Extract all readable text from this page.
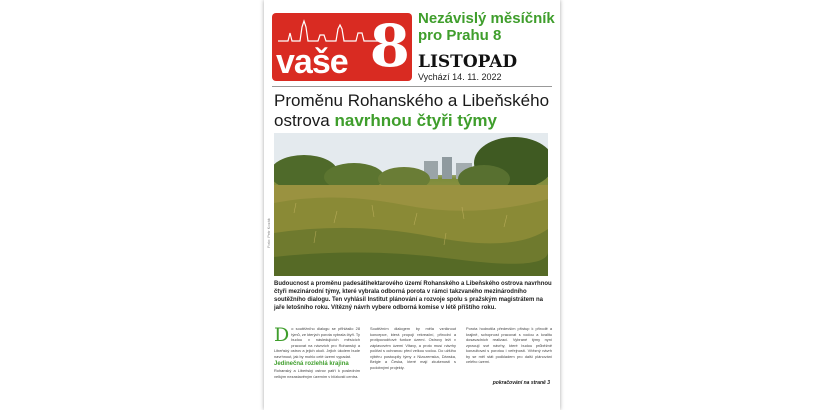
vaše 8 Nezávislý měsíčník
pro Prahu 8
LISTOPAD
Vychází 14. 11. 2022
Proměnu Rohanského a Libeňského ostrova navrhnou čtyři týmy
Foto: Petr Kozák
Budoucnost a proměnu padesátihektarového území Rohanského a Libeňského ostrova navrhnou čtyři mezinárodní týmy, které vybrala odborná porota v rámci takzvaného mezinárodního soutěžního dialogu. Ten vyhlásil Institut plánování a rozvoje spolu s pražským magistrátem na jaře letošního roku. Vítězný návrh vybere odborná komise v létě příštího roku.
D o soutěžního dialogu se přihlásilo 28 týmů, ze kterých porota vybrala čtyři. Ty budou v následujících měsících pracovat na návrzích pro Rohanský a Libeňský ostrov a jejich okolí. Jejich úkolem bude navrhnout, jak by mohlo celé území vypadat.
Jedinečná rozlehlá krajina
Rohanský a Libeňský ostrov patří k posledním velkým nezastavěným územím v blízkosti centra.
Soutěžním dialogem by měla vzniknout koncepce, která propojí rekreační, přírodní a protipovodňové funkce území. Ostrovy leží v záplavovém území Vltavy, a proto musí návrhy počítat s ochranou před velkou vodou. Do užšího výběru postoupily týmy z Nizozemska, Dánska, Belgie a Česka, které mají zkušenosti s podobnými projekty.
Porota hodnotila především přístup k přírodě a krajině, schopnost pracovat s vodou a kvalitu dosavadních realizací. Vybrané týmy nyní zpracují své návrhy, které budou průběžně konzultovat s porotou i veřejností. Vítězný návrh by se měl stát podkladem pro další plánování celého území.
pokračování na straně 3
